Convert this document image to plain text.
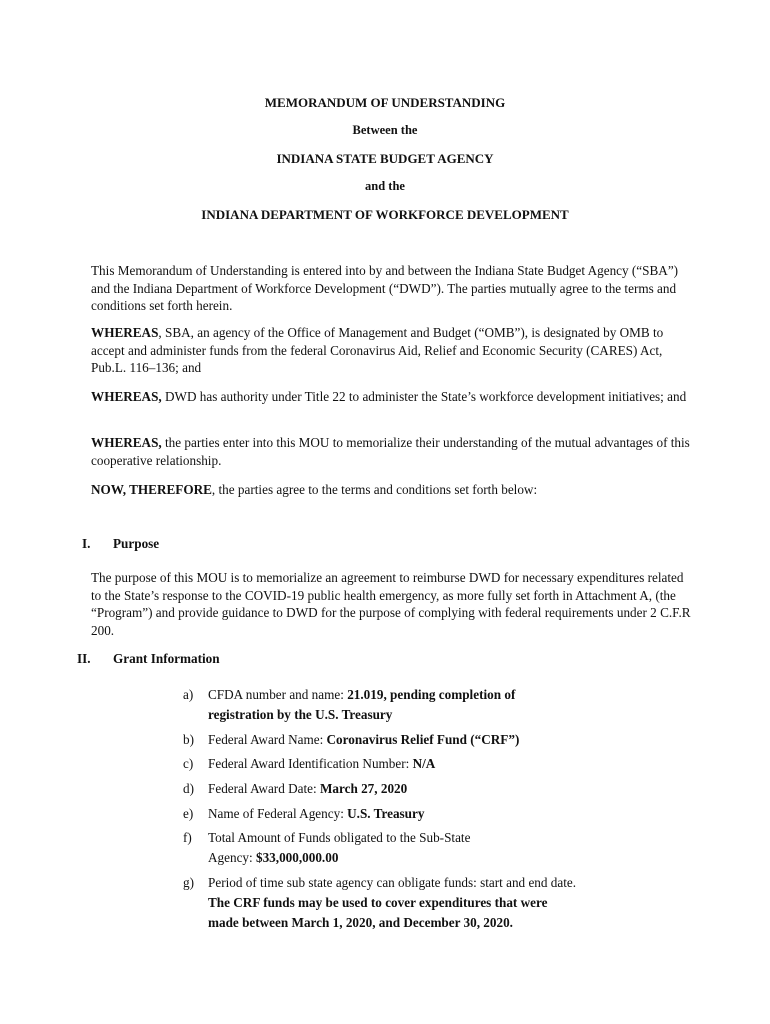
MEMORANDUM OF UNDERSTANDING
Between the
INDIANA STATE BUDGET AGENCY
and the
INDIANA DEPARTMENT OF WORKFORCE DEVELOPMENT
This Memorandum of Understanding is entered into by and between the Indiana State Budget Agency (“SBA”) and the Indiana Department of Workforce Development (“DWD”). The parties mutually agree to the terms and conditions set forth herein.
WHEREAS, SBA, an agency of the Office of Management and Budget (“OMB”), is designated by OMB to accept and administer funds from the federal Coronavirus Aid, Relief and Economic Security (CARES) Act, Pub.L. 116–136; and
WHEREAS, DWD has authority under Title 22 to administer the State’s workforce development initiatives; and
WHEREAS, the parties enter into this MOU to memorialize their understanding of the mutual advantages of this cooperative relationship.
NOW, THEREFORE, the parties agree to the terms and conditions set forth below:
I. Purpose
The purpose of this MOU is to memorialize an agreement to reimburse DWD for necessary expenditures related to the State’s response to the COVID-19 public health emergency, as more fully set forth in Attachment A, (the “Program”) and provide guidance to DWD for the purpose of complying with federal requirements under 2 C.F.R 200.
II. Grant Information
a) CFDA number and name: 21.019, pending completion of registration by the U.S. Treasury
b) Federal Award Name: Coronavirus Relief Fund (“CRF”)
c) Federal Award Identification Number: N/A
d) Federal Award Date: March 27, 2020
e) Name of Federal Agency: U.S. Treasury
f) Total Amount of Funds obligated to the Sub-State Agency: $33,000,000.00
g) Period of time sub state agency can obligate funds: start and end date. The CRF funds may be used to cover expenditures that were made between March 1, 2020, and December 30, 2020.
